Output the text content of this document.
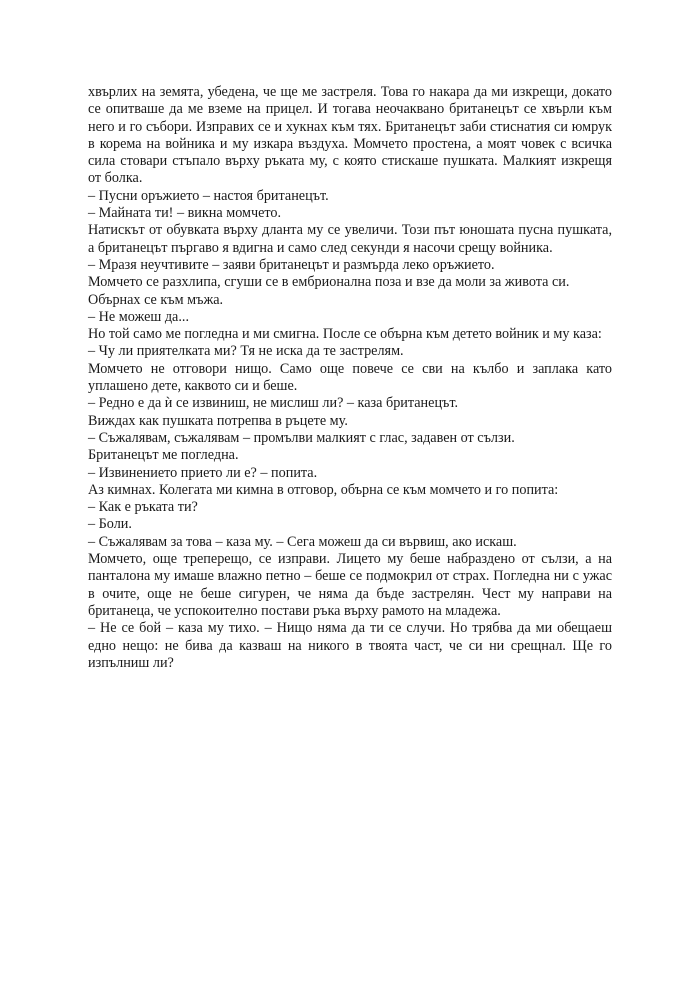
хвърлих на земята, убедена, че ще ме застреля. Това го накара да ми изкрещи, докато се опитваше да ме вземе на прицел. И тогава неочаквано британецът се хвърли към него и го събори. Изправих се и хукнах към тях. Британецът заби стиснатия си юмрук в корема на войника и му изкара въздуха. Момчето простена, а моят човек с всичка сила стовари стъпало върху ръката му, с която стискаше пушката. Малкият изкрещя от болка.

– Пусни оръжието – настоя британецът.

– Майната ти! – викна момчето.

Натискът от обувката върху дланта му се увеличи. Този път юношата пусна пушката, а британецът пъргаво я вдигна и само след секунди я насочи срещу войника.

– Мразя неучтивите – заяви британецът и размърда леко оръжието.

Момчето се разхлипа, сгуши се в ембрионална поза и взе да моли за живота си.

Обърнах се към мъжа.

– Не можеш да...

Но той само ме погледна и ми смигна. После се обърна към детето войник и му каза:

– Чу ли приятелката ми? Тя не иска да те застрелям.

Момчето не отговори нищо. Само още повече се сви на кълбо и заплака като уплашено дете, каквото си и беше.

– Редно е да ѝ се извиниш, не мислиш ли? – каза британецът.

Виждах как пушката потрепва в ръцете му.

– Съжалявам, съжалявам – промълви малкият с глас, задавен от сълзи.

Британецът ме погледна.

– Извинението прието ли е? – попита.

Аз кимнах. Колегата ми кимна в отговор, обърна се към момчето и го попита:

– Как е ръката ти?

– Боли.

– Съжалявам за това – каза му. – Сега можеш да си вървиш, ако искаш.

Момчето, още треперещо, се изправи. Лицето му беше набраздено от сълзи, а на панталона му имаше влажно петно – беше се подмокрил от страх. Погледна ни с ужас в очите, още не беше сигурен, че няма да бъде застрелян. Чест му направи на британеца, че успокоително постави ръка върху рамото на младежа.

– Не се бой – каза му тихо. – Нищо няма да ти се случи. Но трябва да ми обещаеш едно нещо: не бива да казваш на никого в твоята част, че си ни срещнал. Ще го изпълниш ли?
